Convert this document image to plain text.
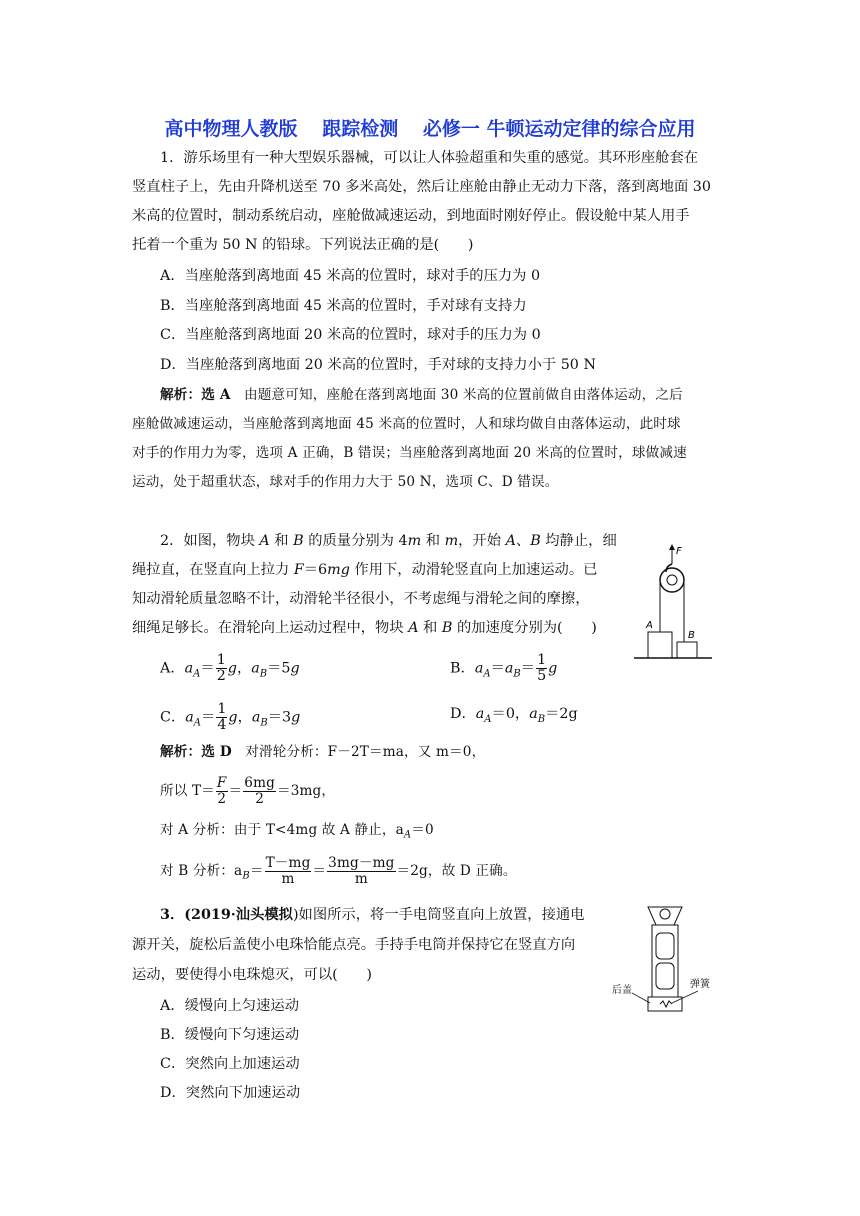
高中物理人教版 跟踪检测 必修一 牛顿运动定律的综合应用
1．游乐场里有一种大型娱乐器械，可以让人体验超重和失重的感觉。其环形座舱套在
竖直柱子上，先由升降机送至 70 多米高处，然后让座舱由静止无动力下落，落到离地面 30
米高的位置时，制动系统启动，座舱做减速运动，到地面时刚好停止。假设舱中某人用手
托着一个重为 50 N 的铅球。下列说法正确的是(　　)
A．当座舱落到离地面 45 米高的位置时，球对手的压力为 0
B．当座舱落到离地面 45 米高的位置时，手对球有支持力
C．当座舱落到离地面 20 米高的位置时，球对手的压力为 0
D．当座舱落到离地面 20 米高的位置时，手对球的支持力小于 50 N
解析：选 A 由题意可知，座舱在落到离地面 30 米高的位置前做自由落体运动，之后
座舱做减速运动，当座舱落到离地面 45 米高的位置时，人和球均做自由落体运动，此时球
对手的作用力为零，选项 A 正确，B 错误；当座舱落到离地面 20 米高的位置时，球做减速
运动，处于超重状态，球对手的作用力大于 50 N，选项 C、D 错误。
2．如图，物块 A 和 B 的质量分别为 4m 和 m，开始 A、B 均静止，细
绳拉直，在竖直向上拉力 F＝6mg 作用下，动滑轮竖直向上加速运动。已
知动滑轮质量忽略不计，动滑轮半径很小，不考虑绳与滑轮之间的摩擦，
细绳足够长。在滑轮向上运动过程中，物块 A 和 B 的加速度分别为(　　)
A．$a_A= \frac{1}{2}$ g，$a_B=5g$	B．$a_A=a_B= \frac{1}{5}$ g
C．$a_A= \frac{1}{4}$ g，$a_B=3g$	D．$a_A=0$，$a_B=2g$
解析：选 D 对滑轮分析：F－2T＝ma，又 m＝0，
所以 $T= \frac{F}{2} = \frac{6mg}{2} =3mg$，
对 A 分析：由于 T<4mg 故 A 静止，$a_A=0$
对 B 分析：$a_B= \frac{T-mg}{m} = \frac{3mg-mg}{m} =2g$，故 D 正确。
F
A
B
3．(2019·汕头模拟)如图所示，将一手电筒竖直向上放置，接通电
源开关，旋松后盖使小电珠恰能点亮。手持手电筒并保持它在竖直方向
运动，要使得小电珠熄灭，可以(　　)
A．缓慢向上匀速运动
B．缓慢向下匀速运动
C．突然向上加速运动
D．突然向下加速运动
后盖
弹簧
